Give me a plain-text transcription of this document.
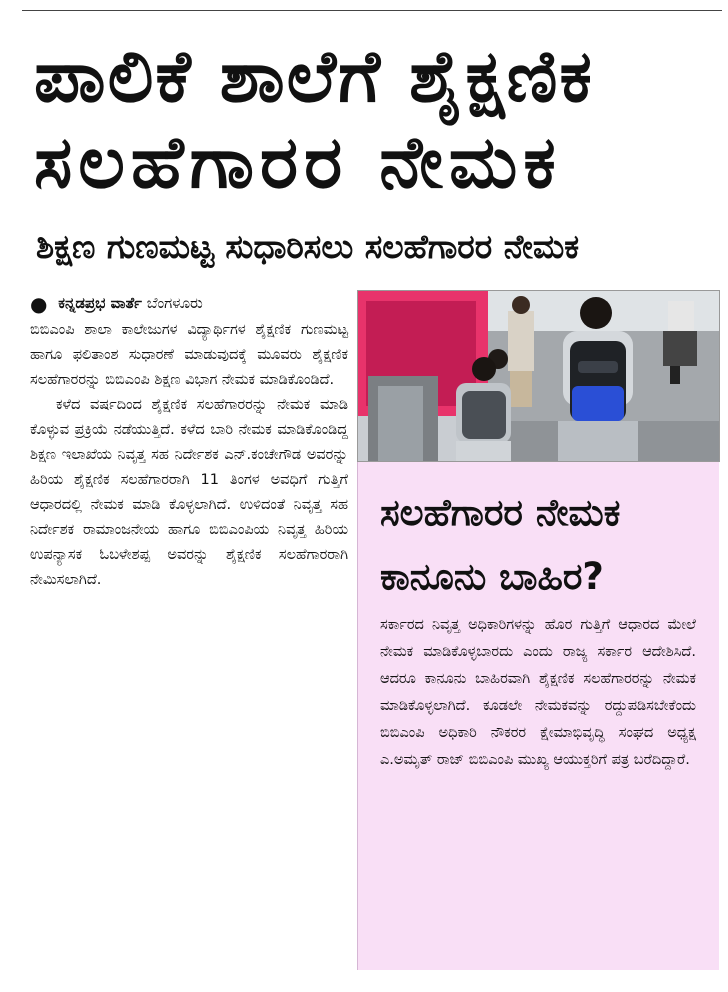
ಪಾಲಿಕೆ ಶಾಲೆಗೆ ಶೈಕ್ಷಣಿಕ
ಸಲಹೆಗಾರರ ನೇಮಕ
ಶಿಕ್ಷಣ ಗುಣಮಟ್ಟ ಸುಧಾರಿಸಲು ಸಲಹೆಗಾರರ ನೇಮಕ
● ಕನ್ನಡಪ್ರಭ ವಾರ್ತೆ ಬೆಂಗಳೂರು

ಬಿಬಿಎಂಪಿ ಶಾಲಾ ಕಾಲೇಜುಗಳ ವಿದ್ಯಾರ್ಥಿಗಳ ಶೈಕ್ಷಣಿಕ ಗುಣಮಟ್ಟ ಹಾಗೂ ಫಲಿತಾಂಶ ಸುಧಾರಣೆ ಮಾಡುವುದಕ್ಕೆ ಮೂವರು ಶೈಕ್ಷಣಿಕ ಸಲಹೆಗಾರರನ್ನು ಬಿಬಿಎಂಪಿ ಶಿಕ್ಷಣ ವಿಭಾಗ ನೇಮಕ ಮಾಡಿಕೊಂಡಿದೆ.

ಕಳೆದ ವರ್ಷದಿಂದ ಶೈಕ್ಷಣಿಕ ಸಲಹೆಗಾರರನ್ನು ನೇಮಕ ಮಾಡಿ ಕೊಳ್ಳುವ ಪ್ರಕ್ರಿಯೆ ನಡೆಯುತ್ತಿದೆ. ಕಳೆದ ಬಾರಿ ನೇಮಕ ಮಾಡಿಕೊಂಡಿದ್ದ ಶಿಕ್ಷಣ ಇಲಾಖೆಯ ನಿವೃತ್ತ ಸಹ ನಿರ್ದೇಶಕ ಎನ್.ಕಂಚೇಗೌಡ ಅವರನ್ನು ಹಿರಿಯ ಶೈಕ್ಷಣಿಕ ಸಲಹೆಗಾರರಾಗಿ 11 ತಿಂಗಳ ಅವಧಿಗೆ ಗುತ್ತಿಗೆ ಆಧಾರದಲ್ಲಿ ನೇಮಕ ಮಾಡಿ ಕೊಳ್ಳಲಾಗಿದೆ. ಉಳಿದಂತೆ ನಿವೃತ್ತ ಸಹ ನಿರ್ದೇಶಕ ರಾಮಾಂಜನೇಯ ಹಾಗೂ ಬಿಬಿಎಂಪಿಯ ನಿವೃತ್ತ ಹಿರಿಯ ಉಪನ್ಯಾಸಕ ಓಬಳೇಶಪ್ಪ ಅವರನ್ನು ಶೈಕ್ಷಣಿಕ ಸಲಹೆಗಾರರಾಗಿ ನೇಮಿಸಲಾಗಿದೆ.

ಸಲಹೆಗಾರರ ನೇಮಕ
ಕಾನೂನು ಬಾಹಿರ?

ಸರ್ಕಾರದ ನಿವೃತ್ತ ಅಧಿಕಾರಿಗಳನ್ನು ಹೊರ ಗುತ್ತಿಗೆ ಆಧಾರದ ಮೇಲೆ ನೇಮಕ ಮಾಡಿಕೊಳ್ಳಬಾರದು ಎಂದು ರಾಜ್ಯ ಸರ್ಕಾರ ಆದೇಶಿಸಿದೆ. ಆದರೂ ಕಾನೂನು ಬಾಹಿರವಾಗಿ ಶೈಕ್ಷಣಿಕ ಸಲಹೆಗಾರರನ್ನು ನೇಮಕ ಮಾಡಿಕೊಳ್ಳಲಾಗಿದೆ. ಕೂಡಲೇ ನೇಮಕವನ್ನು ರದ್ದುಪಡಿಸಬೇಕೆಂದು ಬಿಬಿಎಂಪಿ ಅಧಿಕಾರಿ ನೌಕರರ ಕ್ಷೇಮಾಭಿವೃದ್ಧಿ ಸಂಘದ ಅಧ್ಯಕ್ಷ ಎ.ಅಮೃತ್ ರಾಜ್ ಬಿಬಿಎಂಪಿ ಮುಖ್ಯ ಆಯುಕ್ತರಿಗೆ ಪತ್ರ ಬರೆದಿದ್ದಾರೆ.
